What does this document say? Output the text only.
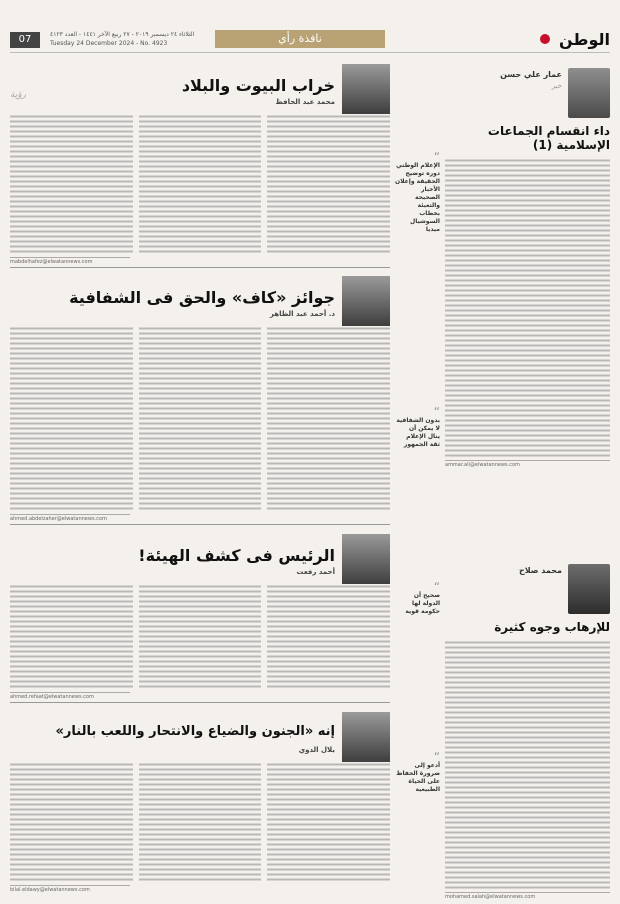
الوطن
نافذة رأي
الثلاثاء ٢٤ ديسمبر ٢٠١٩ - ٢٧ ربيع الآخر ١٤٤١ - العدد ٤١٢٣
Tuesday 24 December 2024 - No. 4923
07
عمار علي حسن
خبر
داء انقسام الجماعات الإسلامية (1)
ammar.ali@elwatannews.com
محمد صلاح
للإرهاب وجوه كثيرة
mohamed.salah@elwatannews.com
“
الإعلام الوطني دوره توضيح الحقيقة وإعلان الأخبار الصحيحة والتعبئة بخطاب السوشيال ميديا
“
بدون الشفافية لا يمكن أن ينال الإعلام ثقة الجمهور
“
صحيح أن الدولة لها حكومة قوية
“
أدعو إلى ضرورة الحفاظ على الحياة الطبيعية
خراب البيوت والبلاد
محمد عبد الحافظ
رؤية
mabdelhafez@elwatannews.com
جوائز «كاف» والحق فى الشفافية
د. أحمد عبد الظاهر
ahmed.abdelzaher@elwatannews.com
الرئيس فى كشف الهيئة!
أحمد رفعت
ahmed.refaat@elwatannews.com
إنه «الجنون والضياع والانتحار واللعب بالنار»
بلال الدوي
bilal.eldawy@elwatannews.com
